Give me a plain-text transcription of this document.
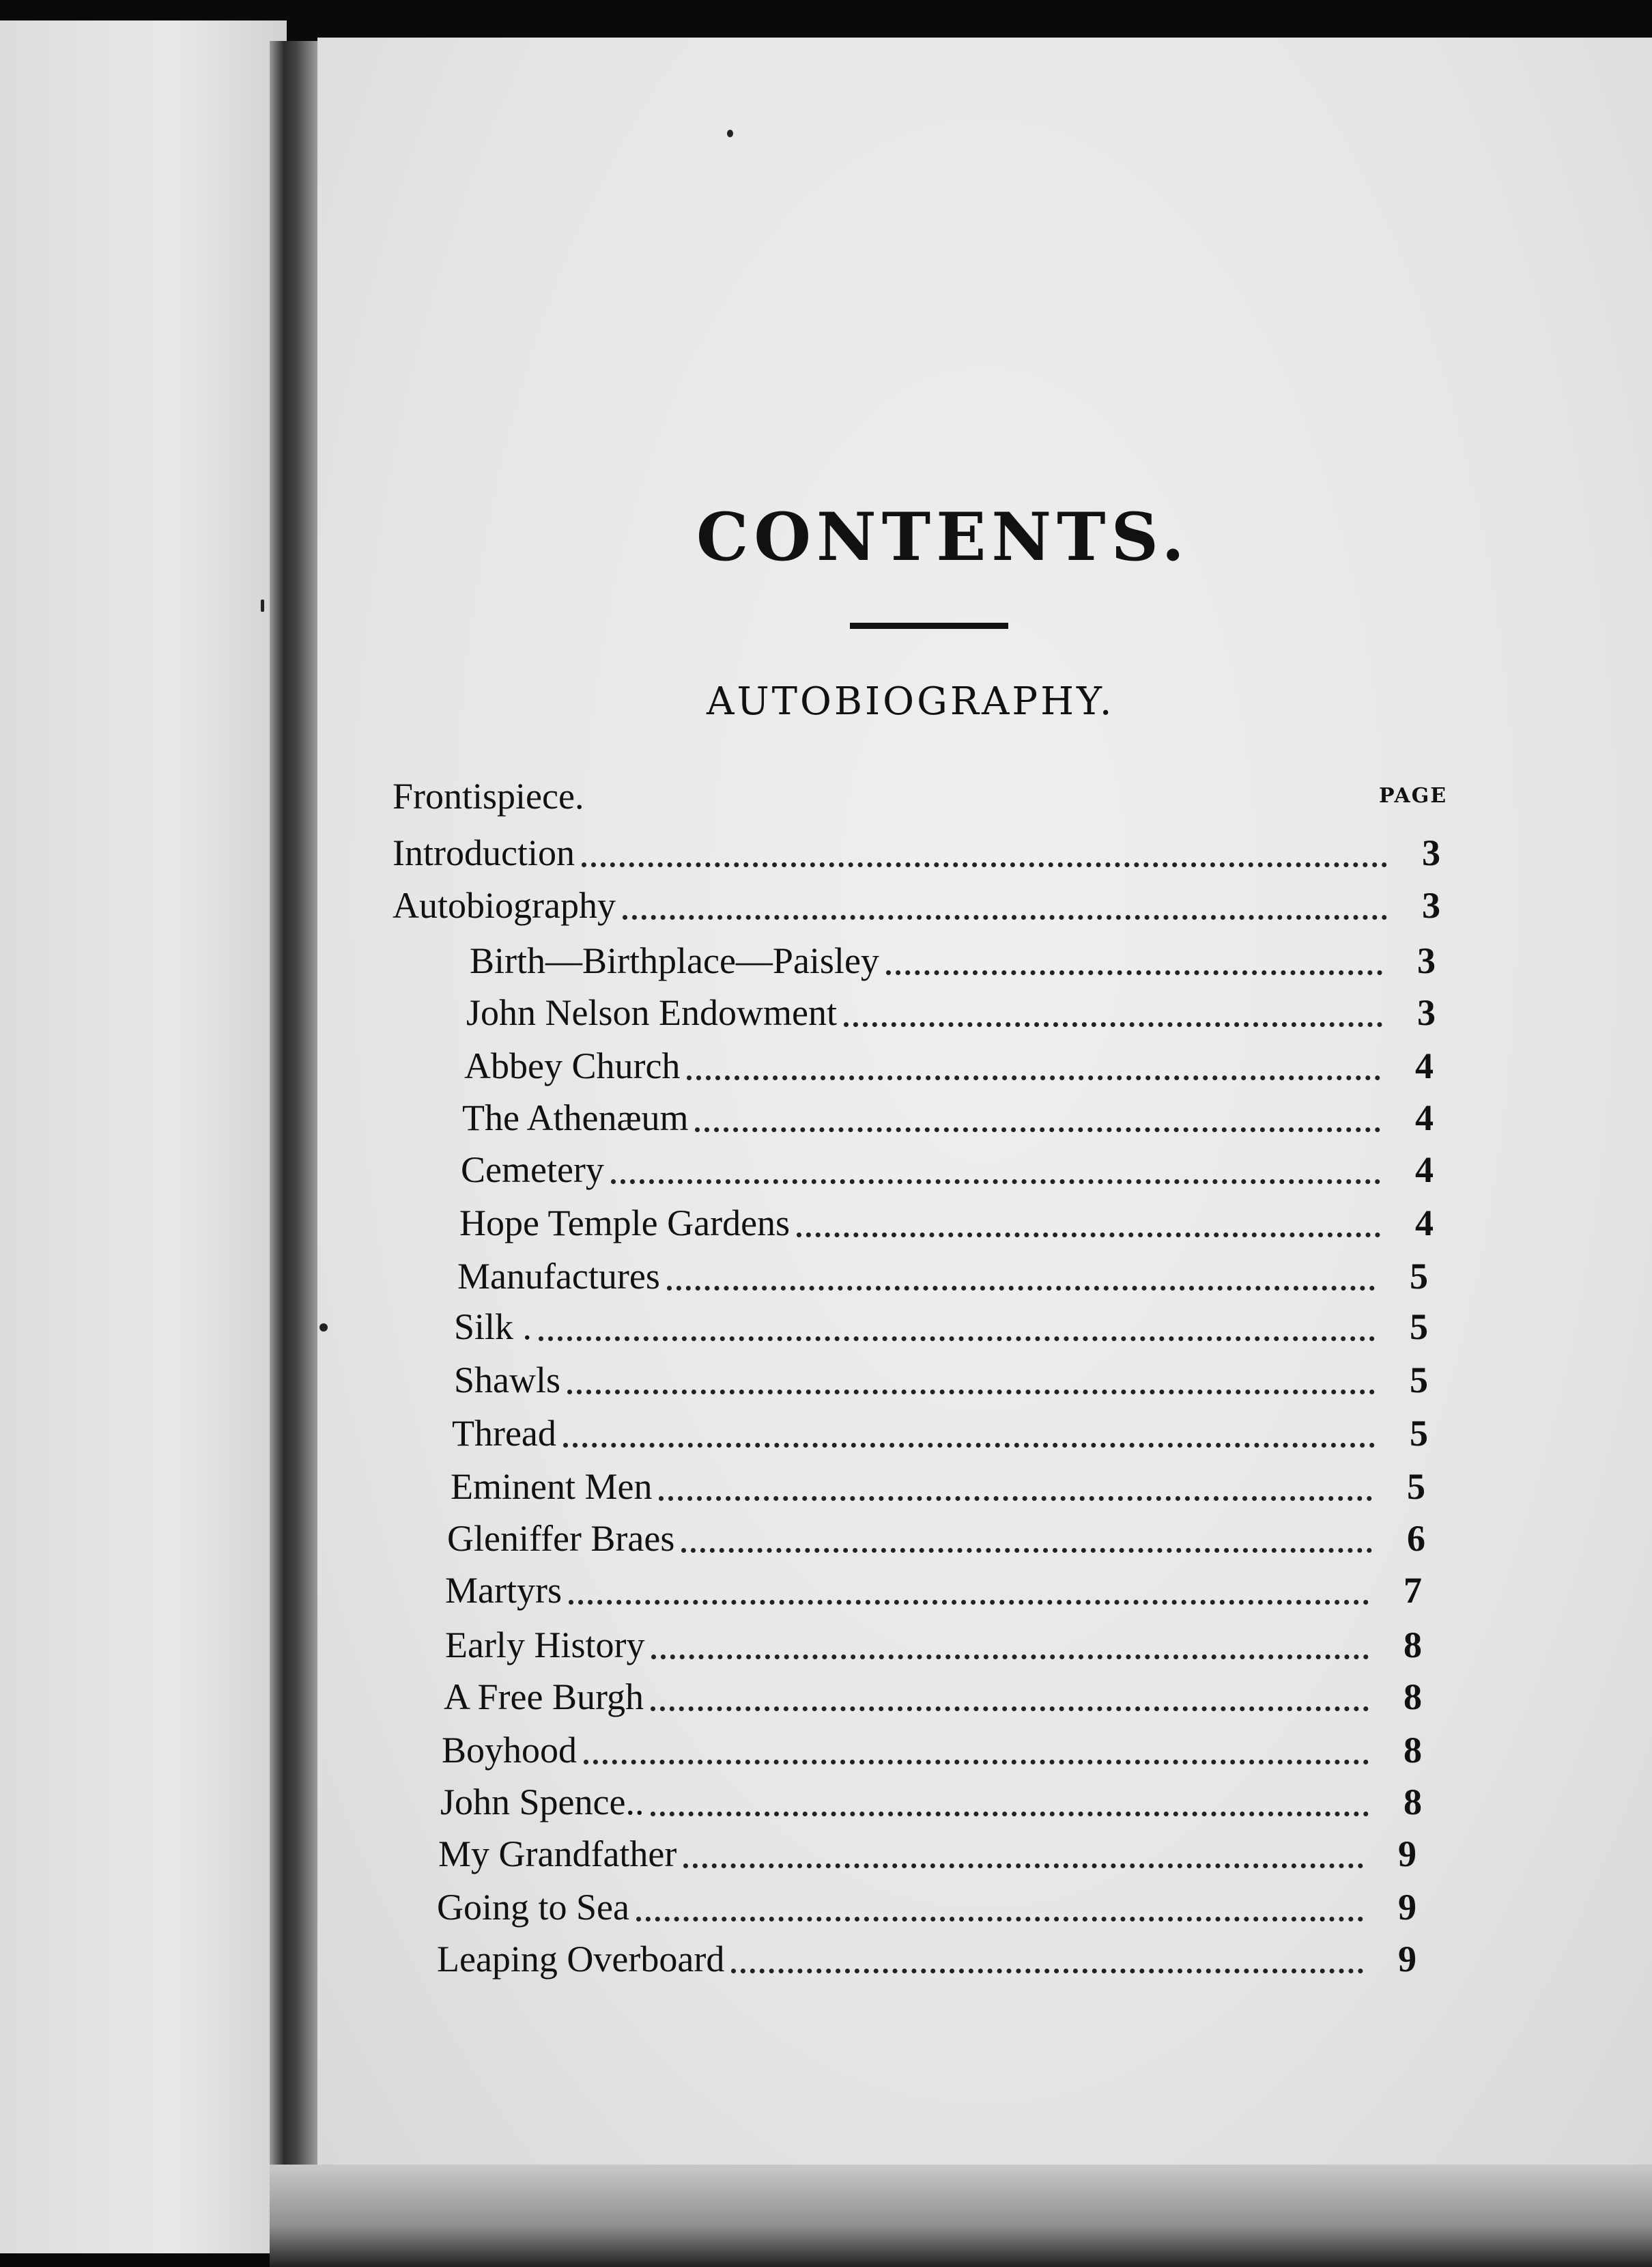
CONTENTS.
AUTOBIOGRAPHY.
PAGE
Frontispiece.
Introduction	3
Autobiography	3
Birth—Birthplace—Paisley	3
John Nelson Endowment	3
Abbey Church	4
The Athenæum	4
Cemetery	4
Hope Temple Gardens	4
Manufactures	5
Silk .	5
Shawls	5
Thread	5
Eminent Men	5
Gleniffer Braes	6
Martyrs	7
Early History	8
A Free Burgh	8
Boyhood	8
John Spence..	8
My Grandfather	9
Going to Sea	9
Leaping Overboard	9
